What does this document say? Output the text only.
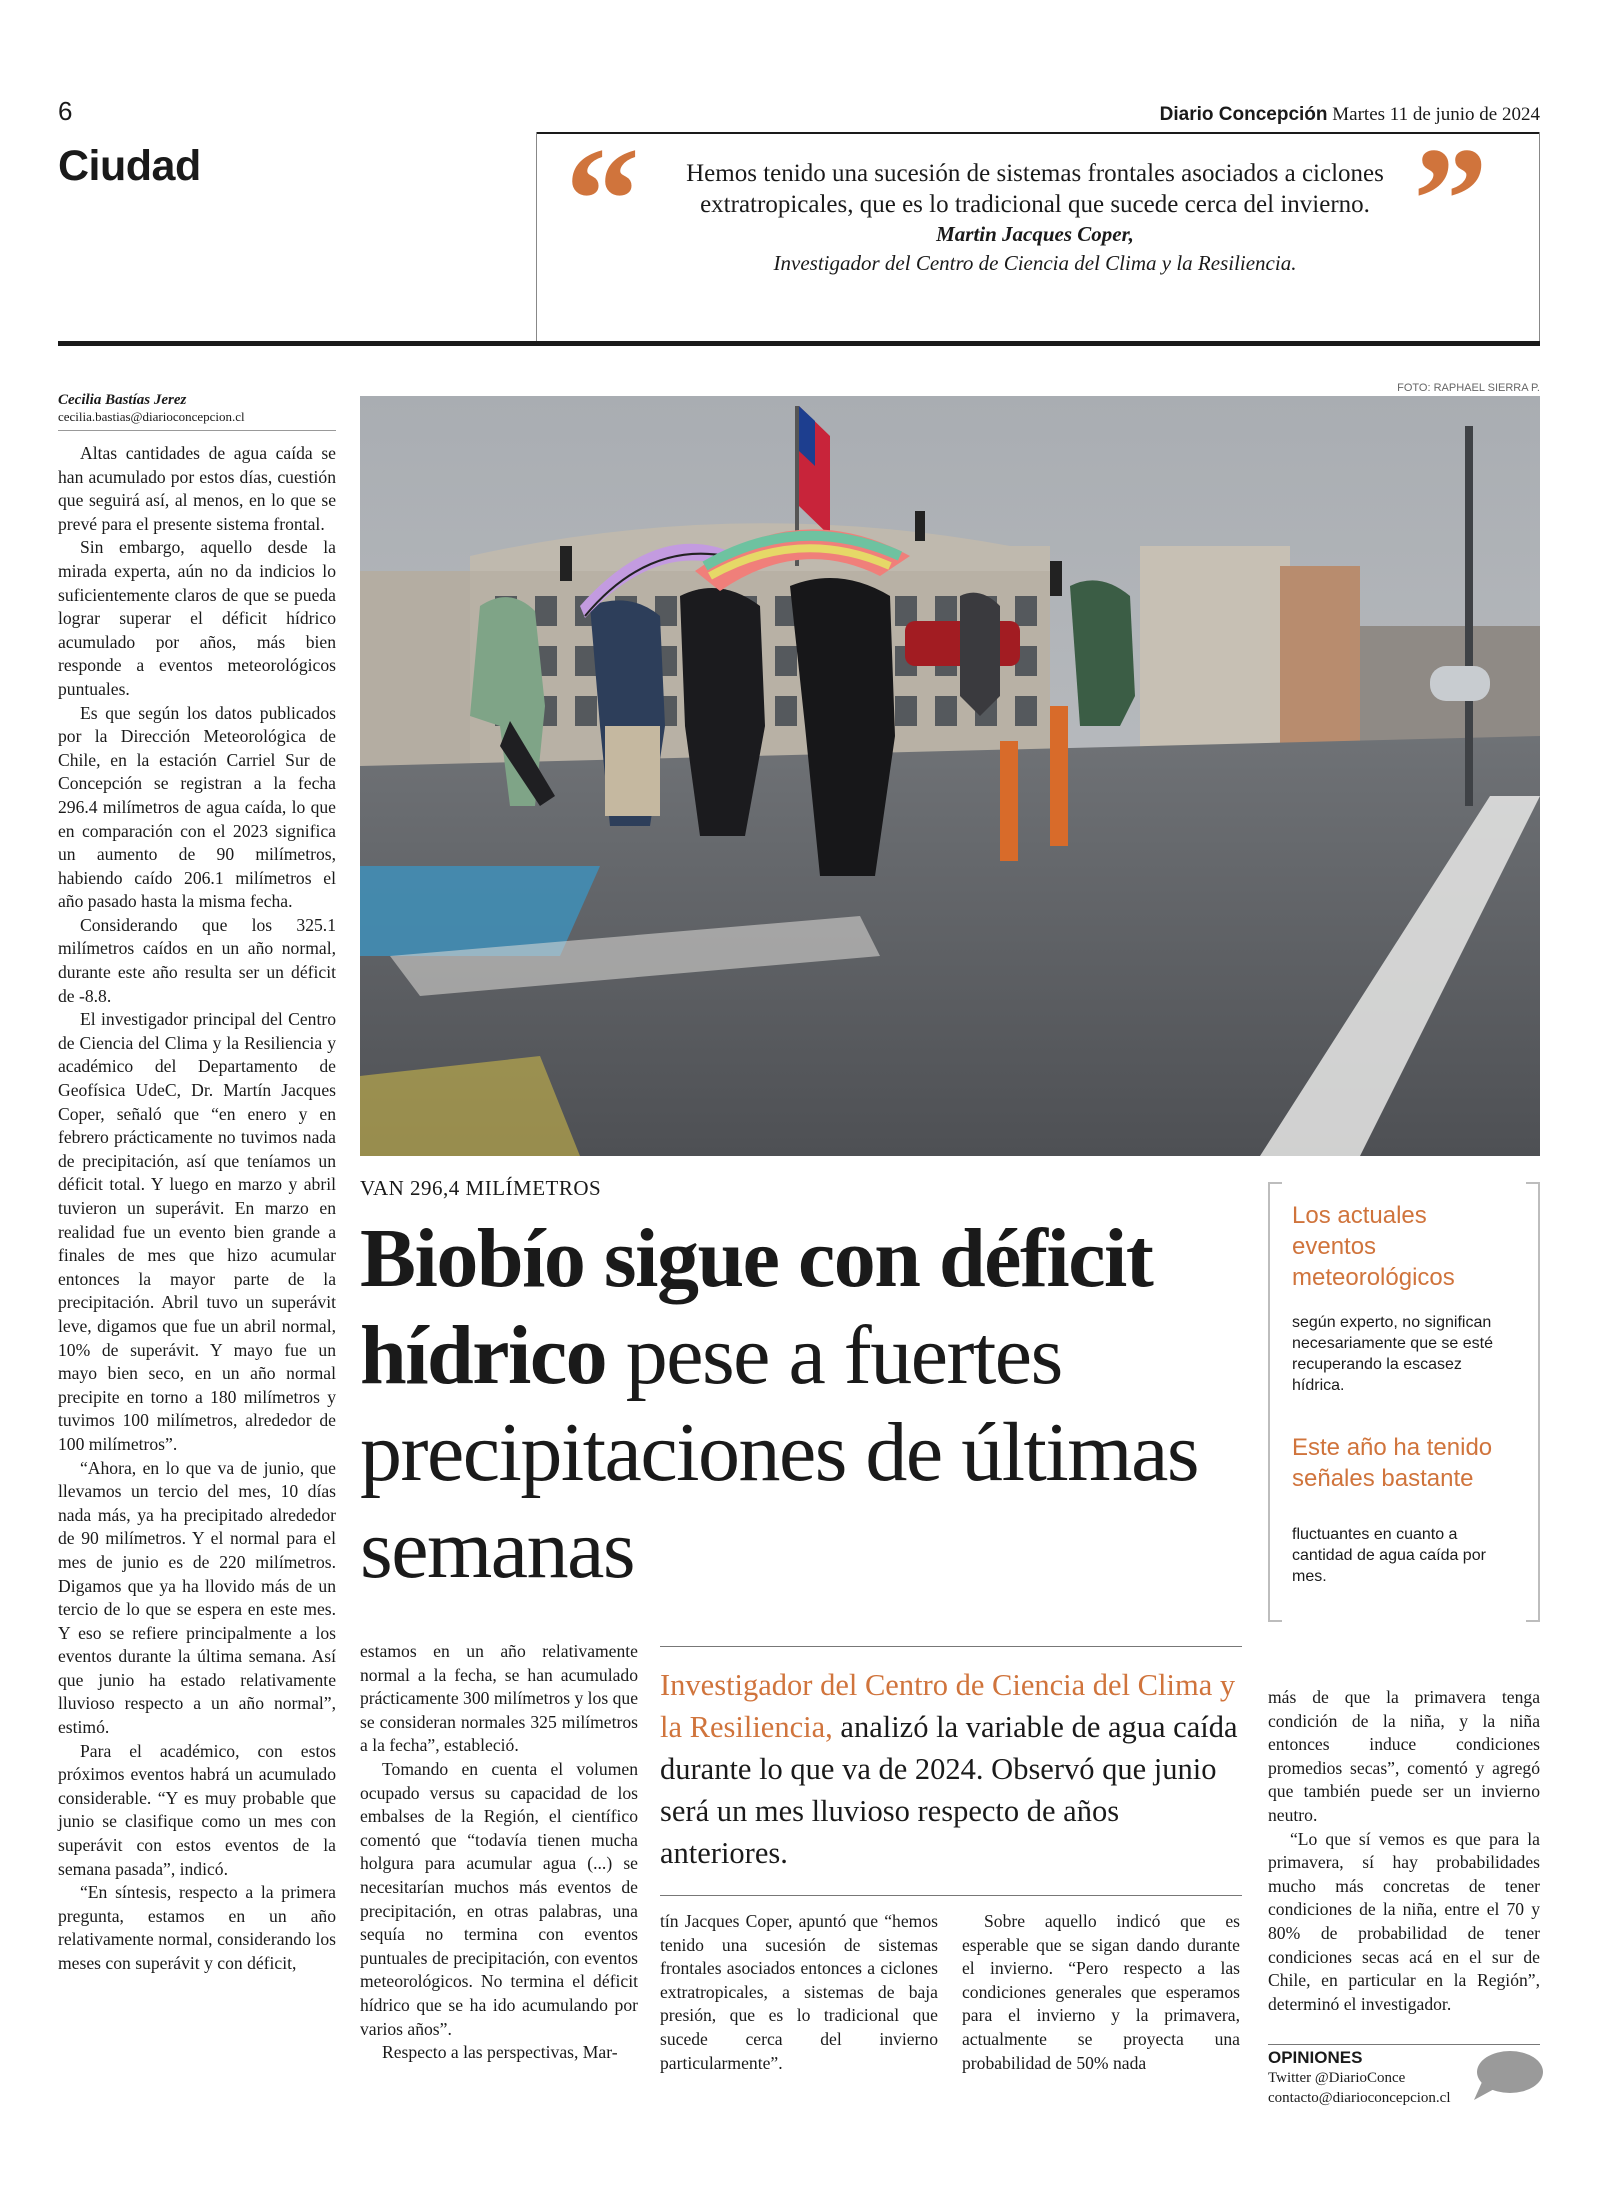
6	Diario Concepción Martes 11 de junio de 2024
Ciudad “	”
Hemos tenido una sucesión de sistemas frontales asociados a ciclones extratropicales, que es lo tradicional que sucede cerca del invierno.
Martin Jacques Coper,
Investigador del Centro de Ciencia del Clima y la Resiliencia.
Cecilia Bastías Jerez
cecilia.bastias@diarioconcepcion.cl

Altas cantidades de agua caída se han acumulado por estos días, cuestión que seguirá así, al menos, en lo que se prevé para el presente sistema frontal.

Sin embargo, aquello desde la mirada experta, aún no da indicios lo suficientemente claros de que se pueda lograr superar el déficit hídrico acumulado por años, más bien responde a eventos meteorológicos puntuales.

Es que según los datos publicados por la Dirección Meteorológica de Chile, en la estación Carriel Sur de Concepción se registran a la fecha 296.4 milímetros de agua caída, lo que en comparación con el 2023 significa un aumento de 90 milímetros, habiendo caído 206.1 milímetros el año pasado hasta la misma fecha.

Considerando que los 325.1 milímetros caídos en un año normal, durante este año resulta ser un déficit de -8.8.

El investigador principal del Centro de Ciencia del Clima y la Resiliencia y académico del Departamento de Geofísica UdeC, Dr. Martín Jacques Coper, señaló que “en enero y en febrero prácticamente no tuvimos nada de precipitación, así que teníamos un déficit total. Y luego en marzo y abril tuvieron un superávit. En marzo en realidad fue un evento bien grande a finales de mes que hizo acumular entonces la mayor parte de la precipitación. Abril tuvo un superávit leve, digamos que fue un abril normal, 10% de superávit. Y mayo fue un mayo bien seco, en un año normal precipite en torno a 180 milímetros y tuvimos 100 milímetros, alrededor de 100 milímetros”.

“Ahora, en lo que va de junio, que llevamos un tercio del mes, 10 días nada más, ya ha precipitado alrededor de 90 milímetros. Y el normal para el mes de junio es de 220 milímetros. Digamos que ya ha llovido más de un tercio de lo que se espera en este mes. Y eso se refiere principalmente a los eventos durante la última semana. Así que junio ha estado relativamente lluvioso respecto a un año normal”, estimó.

Para el académico, con estos próximos eventos habrá un acumulado considerable. “Y es muy probable que junio se clasifique como un mes con superávit con estos eventos de la semana pasada”, indicó.

“En síntesis, respecto a la primera pregunta, estamos en un año relativamente normal, considerando los meses con superávit y con déficit,

FOTO: RAPHAEL SIERRA P.
VAN 296,4 MILÍMETROS
Biobío sigue con déficit hídrico pese a fuertes precipitaciones de últimas semanas
Los actuales eventos meteorológicos
según experto, no significan necesariamente que se esté recuperando la escasez hídrica.
Este año ha tenido señales bastante
fluctuantes en cuanto a cantidad de agua caída por mes.
Investigador del Centro de Ciencia del Clima y la Resiliencia, analizó la variable de agua caída durante lo que va de 2024. Observó que junio será un mes lluvioso respecto de años anteriores.

estamos en un año relativamente normal a la fecha, se han acumulado prácticamente 300 milímetros y los que se consideran normales 325 milímetros a la fecha”, estableció.

Tomando en cuenta el volumen ocupado versus su capacidad de los embalses de la Región, el científico comentó que “todavía tienen mucha holgura para acumular agua (...) se necesitarían muchos más eventos de precipitación, en otras palabras, una sequía no termina con eventos puntuales de precipitación, con eventos meteorológicos. No termina el déficit hídrico que se ha ido acumulando por varios años”.

Respecto a las perspectivas, Mar-

tín Jacques Coper, apuntó que “hemos tenido una sucesión de sistemas frontales asociados entonces a ciclones extratropicales, a sistemas de baja presión, que es lo tradicional que sucede cerca del invierno particularmente”.

Sobre aquello indicó que es esperable que se sigan dando durante el invierno. “Pero respecto a las condiciones generales que esperamos para el invierno y la primavera, actualmente se proyecta una probabilidad de 50% nada

más de que la primavera tenga condición de la niña, y la niña entonces induce condiciones promedios secas”, comentó y agregó que también puede ser un invierno neutro.

“Lo que sí vemos es que para la primavera, sí hay probabilidades mucho más concretas de tener condiciones de la niña, entre el 70 y 80% de probabilidad de tener condiciones secas acá en el sur de Chile, en particular en la Región”, determinó el investigador.

OPINIONES
Twitter @DiarioConce
contacto@diarioconcepcion.cl
